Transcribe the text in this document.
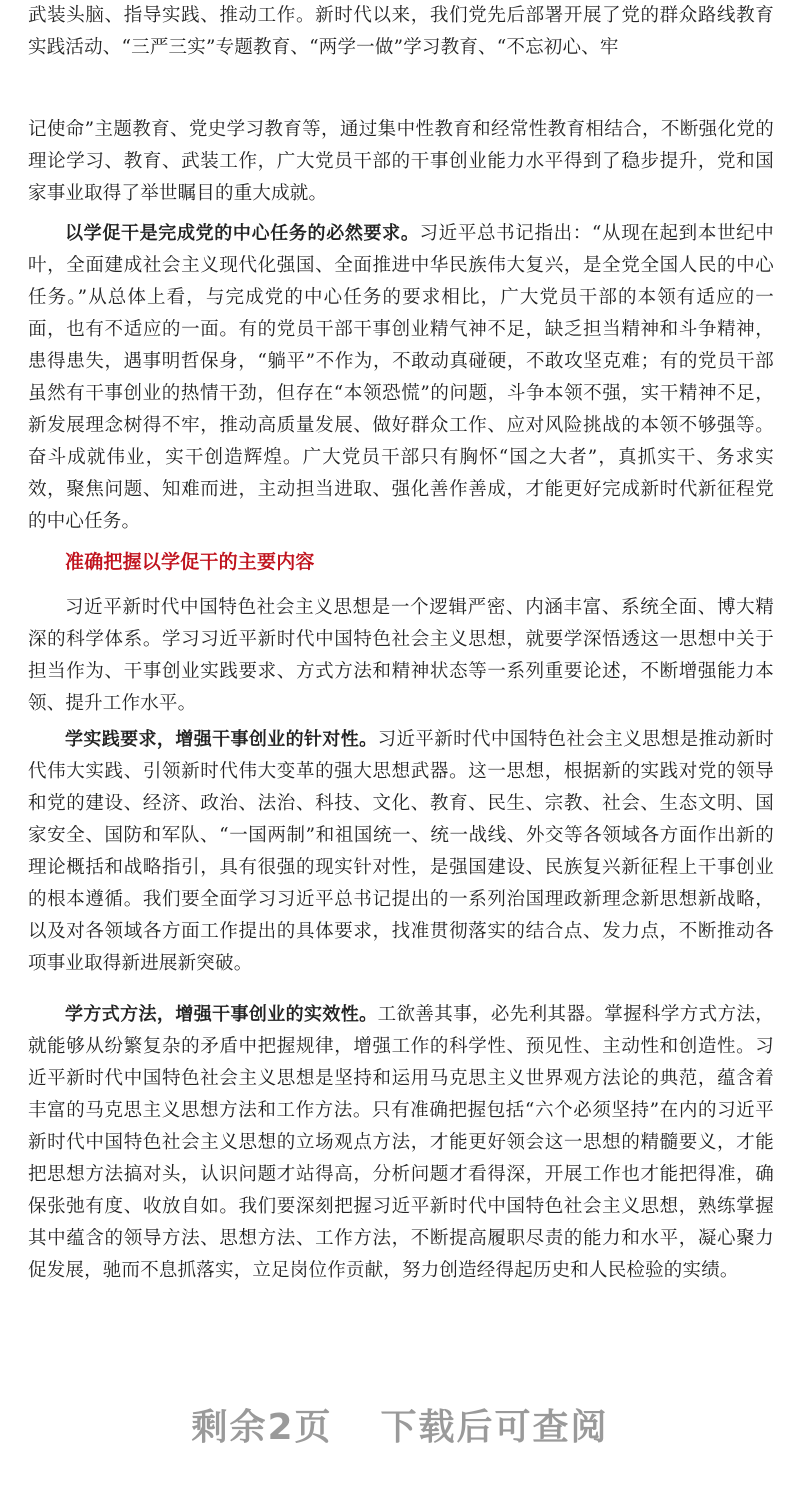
武装头脑、指导实践、推动工作。新时代以来，我们党先后部署开展了党的群众路线教育实践活动、“三严三实”专题教育、“两学一做”学习教育、“不忘初心、牢

记使命”主题教育、党史学习教育等，通过集中性教育和经常性教育相结合，不断强化党的理论学习、教育、武装工作，广大党员干部的干事创业能力水平得到了稳步提升，党和国家事业取得了举世瞩目的重大成就。

以学促干是完成党的中心任务的必然要求。习近平总书记指出：“从现在起到本世纪中叶，全面建成社会主义现代化强国、全面推进中华民族伟大复兴，是全党全国人民的中心任务。”从总体上看，与完成党的中心任务的要求相比，广大党员干部的本领有适应的一面，也有不适应的一面。有的党员干部干事创业精气神不足，缺乏担当精神和斗争精神，患得患失，遇事明哲保身，“躺平”不作为，不敢动真碰硬，不敢攻坚克难；有的党员干部虽然有干事创业的热情干劲，但存在“本领恐慌”的问题，斗争本领不强，实干精神不足，新发展理念树得不牢，推动高质量发展、做好群众工作、应对风险挑战的本领不够强等。奋斗成就伟业，实干创造辉煌。广大党员干部只有胸怀“国之大者”，真抓实干、务求实效，聚焦问题、知难而进，主动担当进取、强化善作善成，才能更好完成新时代新征程党的中心任务。

准确把握以学促干的主要内容

习近平新时代中国特色社会主义思想是一个逻辑严密、内涵丰富、系统全面、博大精深的科学体系。学习习近平新时代中国特色社会主义思想，就要学深悟透这一思想中关于担当作为、干事创业实践要求、方式方法和精神状态等一系列重要论述，不断增强能力本领、提升工作水平。

学实践要求，增强干事创业的针对性。习近平新时代中国特色社会主义思想是推动新时代伟大实践、引领新时代伟大变革的强大思想武器。这一思想，根据新的实践对党的领导和党的建设、经济、政治、法治、科技、文化、教育、民生、宗教、社会、生态文明、国家安全、国防和军队、“一国两制”和祖国统一、统一战线、外交等各领域各方面作出新的理论概括和战略指引，具有很强的现实针对性，是强国建设、民族复兴新征程上干事创业的根本遵循。我们要全面学习习近平总书记提出的一系列治国理政新理念新思想新战略，以及对各领域各方面工作提出的具体要求，找准贯彻落实的结合点、发力点，不断推动各项事业取得新进展新突破。

学方式方法，增强干事创业的实效性。工欲善其事，必先利其器。掌握科学方式方法，就能够从纷繁复杂的矛盾中把握规律，增强工作的科学性、预见性、主动性和创造性。习近平新时代中国特色社会主义思想是坚持和运用马克思主义世界观方法论的典范，蕴含着丰富的马克思主义思想方法和工作方法。只有准确把握包括“六个必须坚持”在内的习近平新时代中国特色社会主义思想的立场观点方法，才能更好领会这一思想的精髓要义，才能把思想方法搞对头，认识问题才站得高，分析问题才看得深，开展工作也才能把得准，确保张弛有度、收放自如。我们要深刻把握习近平新时代中国特色社会主义思想，熟练掌握其中蕴含的领导方法、思想方法、工作方法，不断提高履职尽责的能力和水平，凝心聚力促发展，驰而不息抓落实，立足岗位作贡献，努力创造经得起历史和人民检验的实绩。

剩余2页 下载后可查阅
